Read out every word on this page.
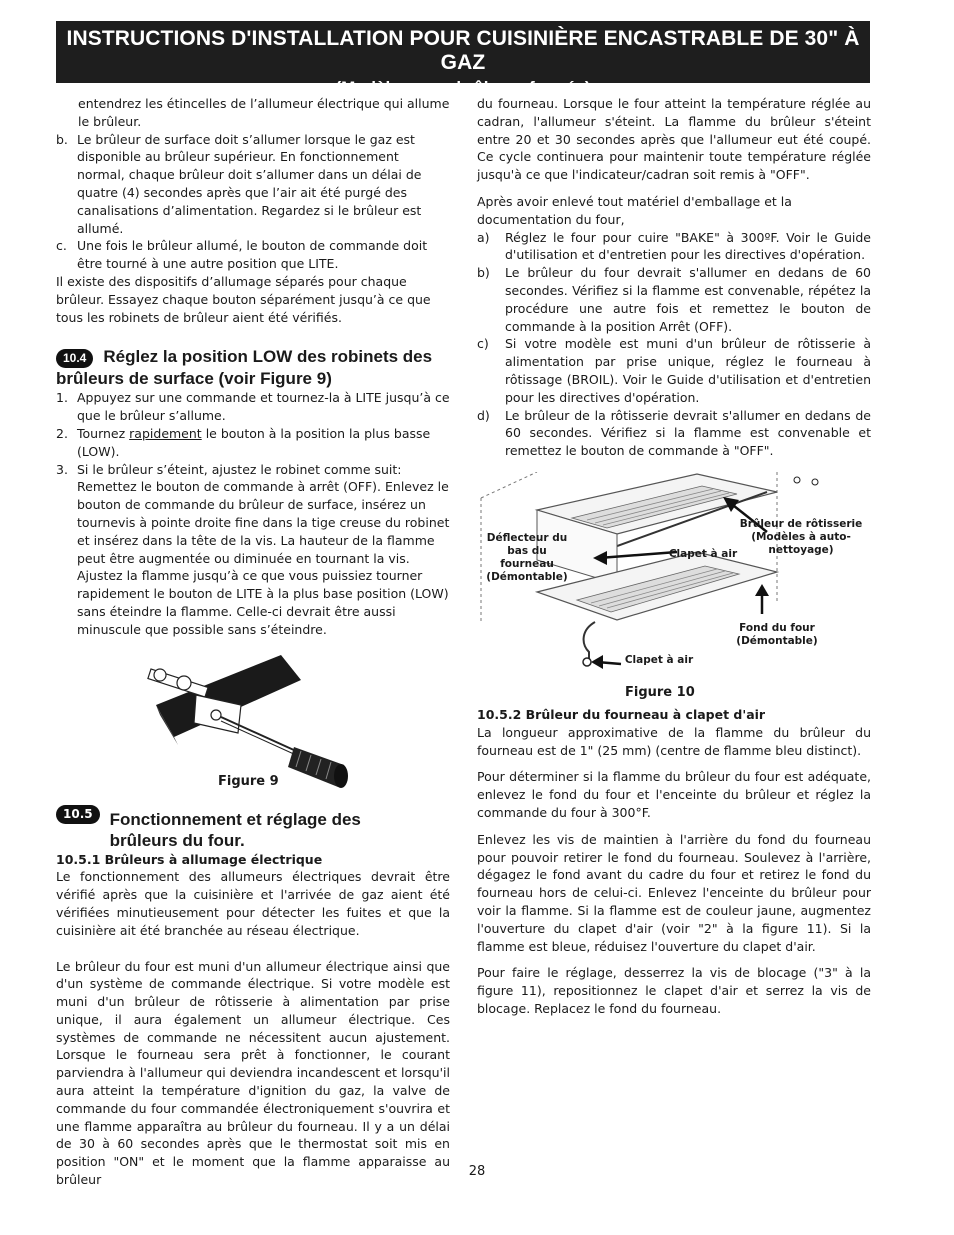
INSTRUCTIONS D'INSTALLATION POUR CUISINIÈRE ENCASTRABLE DE 30" À GAZ
(Modèles avec brûleurs fermés)

entendrez les étincelles de l’allumeur électrique qui allume le brûleur.

b. Le brûleur de surface doit s’allumer lorsque le gaz est disponible au brûleur supérieur. En fonctionnement normal, chaque brûleur doit s’allumer dans un délai de quatre (4) secondes après que l’air ait été purgé des canalisations d’alimentation. Regardez si le brûleur est allumé.
c. Une fois le brûleur allumé, le bouton de commande doit être tourné à une autre position que LITE.

Il existe des dispositifs d’allumage séparés pour chaque brûleur. Essayez chaque bouton séparément jusqu’à ce que tous les robinets de brûleur aient été vérifiés.

10.4 Réglez la position LOW des robinets des brûleurs de surface (voir Figure 9)
1. Appuyez sur une commande et tournez-la à LITE jusqu’à ce que le brûleur s’allume.
2. Tournez rapidement le bouton à la position la plus basse (LOW).
3. Si le brûleur s’éteint, ajustez le robinet comme suit: Remettez le bouton de commande à arrêt (OFF). Enlevez le bouton de commande du brûleur de surface, insérez un tournevis à pointe droite fine dans la tige creuse du robinet et insérez dans la tête de la vis. La hauteur de la flamme peut être augmentée ou diminuée en tournant la vis. Ajustez la flamme jusqu’à ce que vous puissiez tourner rapidement le bouton de LITE à la plus base position (LOW) sans éteindre la flamme. Celle-ci devrait être aussi minuscule que possible sans s’éteindre.
Figure 9
10.5	Fonctionnement et réglage des brûleurs du four.

10.5.1 Brûleurs à allumage électrique

Le fonctionnement des allumeurs électriques devrait être vérifié après que la cuisinière et l'arrivée de gaz aient été vérifiées minutieusement pour détecter les fuites et que la cuisinière ait été branchée au réseau électrique.

Le brûleur du four est muni d'un allumeur électrique ainsi que d'un système de commande électrique. Si votre modèle est muni d'un brûleur de rôtisserie à alimentation par prise unique, il aura également un allumeur électrique. Ces systèmes de commande ne nécessitent aucun ajustement. Lorsque le fourneau sera prêt à fonctionner, le courant parviendra à l'allumeur qui deviendra incandescent et lorsqu'il aura atteint la température d'ignition du gaz, la valve de commande du four commandée électroniquement s'ouvrira et une flamme apparaîtra au brûleur du fourneau. Il y a un délai de 30 à 60 secondes après que le thermostat soit mis en position "ON" et le moment que la flamme apparaisse au brûleur

du fourneau. Lorsque le four atteint la température réglée au cadran, l'allumeur s'éteint. La flamme du brûleur s'éteint entre 20 et 30 secondes après que l'allumeur eut été coupé. Ce cycle continuera pour maintenir toute température réglée jusqu'à ce que l'indicateur/cadran soit remis à "OFF".

Après avoir enlevé tout matériel d'emballage et la documentation du four,

a)	Réglez le four pour cuire "BAKE" à 300ºF. Voir le Guide d'utilisation et d'entretien pour les directives d'opération.
b)	Le brûleur du four devrait s'allumer en dedans de 60 secondes. Vérifiez si la flamme est convenable, répétez la procédure une autre fois et remettez le bouton de commande à la position Arrêt (OFF).
c)	Si votre modèle est muni d'un brûleur de rôtisserie à alimentation par prise unique, réglez le fourneau à rôtissage (BROIL). Voir le Guide d'utilisation et d'entretien pour les directives d'opération.
d)	Le brûleur de la rôtisserie devrait s'allumer en dedans de 60 secondes. Vérifiez si la flamme est convenable et remettez le bouton de commande à "OFF".
Déflecteur du bas du fourneau (Démontable)
Clapet à air
Brûleur de rôtisserie (Modèles à auto-nettoyage)
Fond du four (Démontable)
Clapet à air
Figure 10

10.5.2 Brûleur du fourneau à clapet d'air

La longueur approximative de la flamme du brûleur du fourneau est de 1" (25 mm) (centre de flamme bleu distinct).

Pour déterminer si la flamme du brûleur du four est adéquate, enlevez le fond du four et l'enceinte du brûleur et réglez la commande du four à 300°F.

Enlevez les vis de maintien à l'arrière du fond du fourneau pour pouvoir retirer le fond du fourneau. Soulevez à l'arrière, dégagez le fond avant du cadre du four et retirez le fond du fourneau hors de celui-ci. Enlevez l'enceinte du brûleur pour voir la flamme. Si la flamme est de couleur jaune, augmentez l'ouverture du clapet d'air (voir "2" à la figure 11). Si la flamme est bleue, réduisez l'ouverture du clapet d'air.

Pour faire le réglage, desserrez la vis de blocage ("3" à la figure 11), repositionnez le clapet d'air et serrez la vis de blocage. Replacez le fond du fourneau.

28
